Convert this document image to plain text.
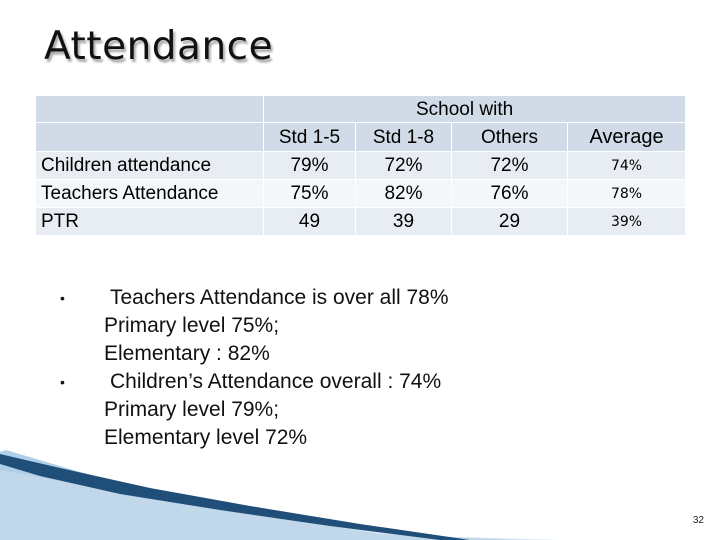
Attendance
	School with			
	Std 1-5	Std 1-8	Others	Average
Children attendance	79%	72%	72%	74%
Teachers Attendance	75%	82%	76%	78%
PTR	49	39	29	39%
• Teachers Attendance is over all 78%
Primary level 75%;
Elementary : 82%
• Children’s Attendance overall : 74%
Primary level 79%;
Elementary level 72%
32
